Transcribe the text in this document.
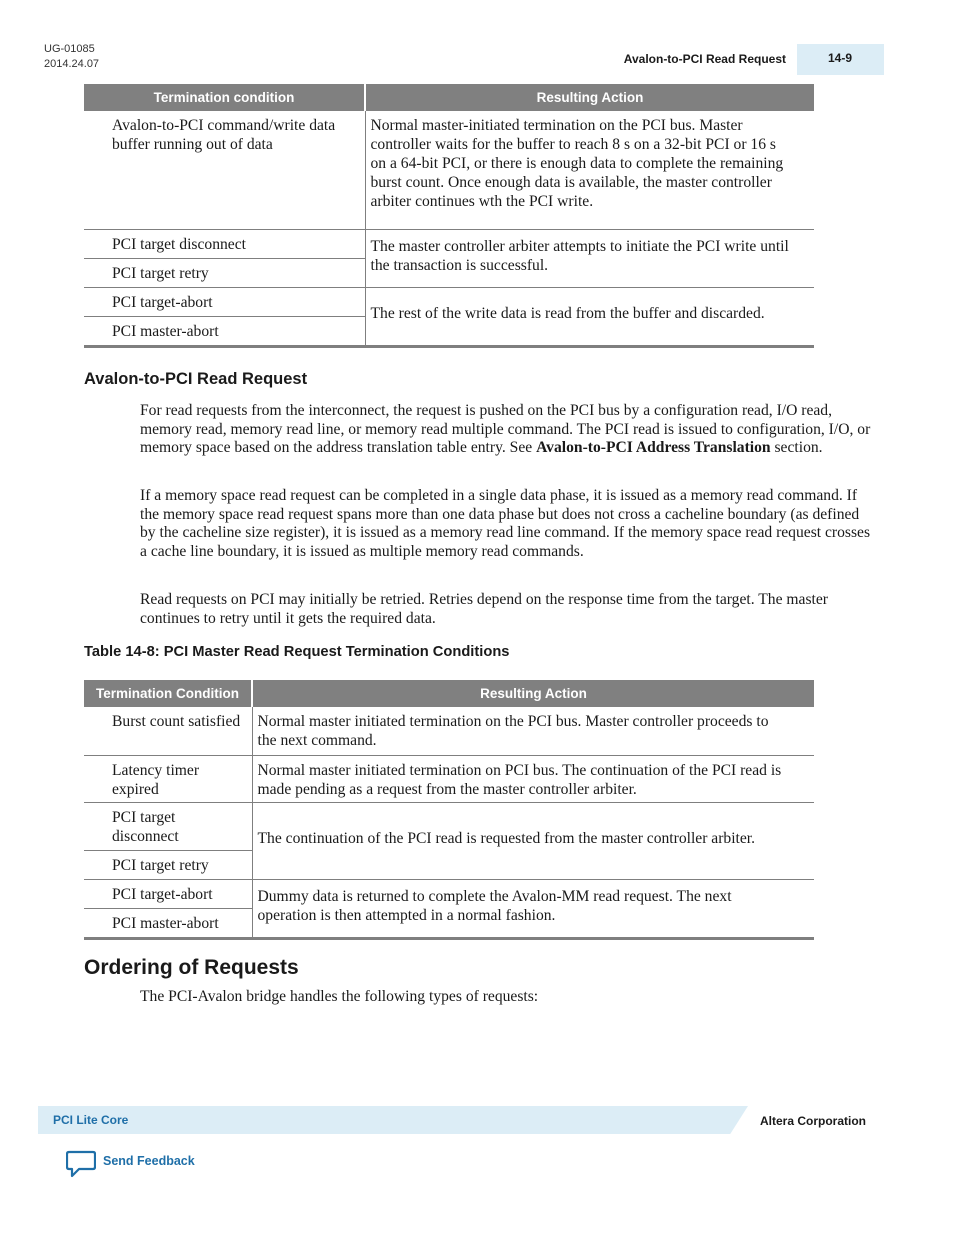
UG-01085
2014.24.07	Avalon-to-PCI Read Request	14-9
Termination condition	Resulting Action
Avalon-to-PCI command/write data buffer running out of data	Normal master-initiated termination on the PCI bus. Master controller waits for the buffer to reach 8 s on a 32-bit PCI or 16 s on a 64-bit PCI, or there is enough data to complete the remaining burst count. Once enough data is available, the master controller arbiter continues wth the PCI write.
PCI target disconnect	The master controller arbiter attempts to initiate the PCI write until the transaction is successful.
PCI target retry	
PCI target-abort	The rest of the write data is read from the buffer and discarded.
PCI master-abort	
Avalon-to-PCI Read Request

For read requests from the interconnect, the request is pushed on the PCI bus by a configuration read, I/O read, memory read, memory read line, or memory read multiple command. The PCI read is issued to configuration, I/O, or memory space based on the address translation table entry. See Avalon-to-PCI Address Translation section.

If a memory space read request can be completed in a single data phase, it is issued as a memory read command. If the memory space read request spans more than one data phase but does not cross a cacheline boundary (as defined by the cacheline size register), it is issued as a memory read line command. If the memory space read request crosses a cache line boundary, it is issued as multiple memory read commands.

Read requests on PCI may initially be retried. Retries depend on the response time from the target. The master continues to retry until it gets the required data.

Table 14-8: PCI Master Read Request Termination Conditions
Termination Condition	Resulting Action
Burst count satisfied	Normal master initiated termination on the PCI bus. Master controller proceeds to the next command.
Latency timer expired	Normal master initiated termination on PCI bus. The continuation of the PCI read is made pending as a request from the master controller arbiter.
PCI target disconnect	The continuation of the PCI read is requested from the master controller arbiter.
PCI target retry	
PCI target-abort	Dummy data is returned to complete the Avalon-MM read request. The next operation is then attempted in a normal fashion.
PCI master-abort	
Ordering of Requests

The PCI-Avalon bridge handles the following types of requests:

PCI Lite Core	Altera Corporation
Send Feedback
